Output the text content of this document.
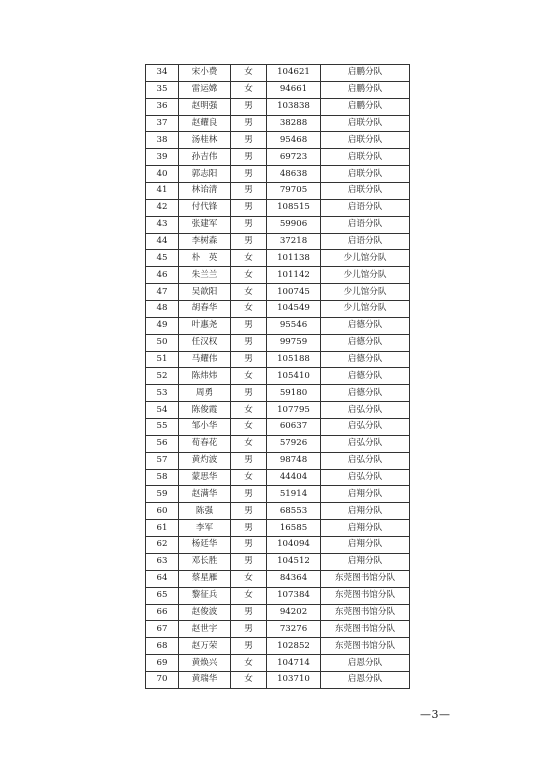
34	宋小费	女	104621	启鹏分队
35	雷运嫦	女	94661	启鹏分队
36	赵明强	男	103838	启鹏分队
37	赵耀良	男	38288	启联分队
38	汤桂林	男	95468	启联分队
39	孙吉伟	男	69723	启联分队
40	郭志阳	男	48638	启联分队
41	林诒清	男	79705	启联分队
42	付代锋	男	108515	启语分队
43	张建军	男	59906	启语分队
44	李树森	男	37218	启语分队
45	朴　英	女	101138	少儿馆分队
46	朱兰兰	女	101142	少儿馆分队
47	吴歆阳	女	100745	少儿馆分队
48	胡春华	女	104549	少儿馆分队
49	叶惠尧	男	95546	启德分队
50	任汉权	男	99759	启德分队
51	马耀伟	男	105188	启德分队
52	陈炜炜	女	105410	启德分队
53	周勇	男	59180	启德分队
54	陈俊霞	女	107795	启弘分队
55	邹小华	女	60637	启弘分队
56	荀春花	女	57926	启弘分队
57	黄灼波	男	98748	启弘分队
58	蒙思华	女	44404	启弘分队
59	赵满华	男	51914	启翔分队
60	陈强	男	68553	启翔分队
61	李军	男	16585	启翔分队
62	杨廷华	男	104094	启翔分队
63	邓长胜	男	104512	启翔分队
64	蔡星雁	女	84364	东莞图书馆分队
65	黎征兵	女	107384	东莞图书馆分队
66	赵俊波	男	94202	东莞图书馆分队
67	赵世宇	男	73276	东莞图书馆分队
68	赵万荣	男	102852	东莞图书馆分队
69	黄焕兴	女	104714	启恩分队
70	黄瑞华	女	103710	启恩分队
—3—
